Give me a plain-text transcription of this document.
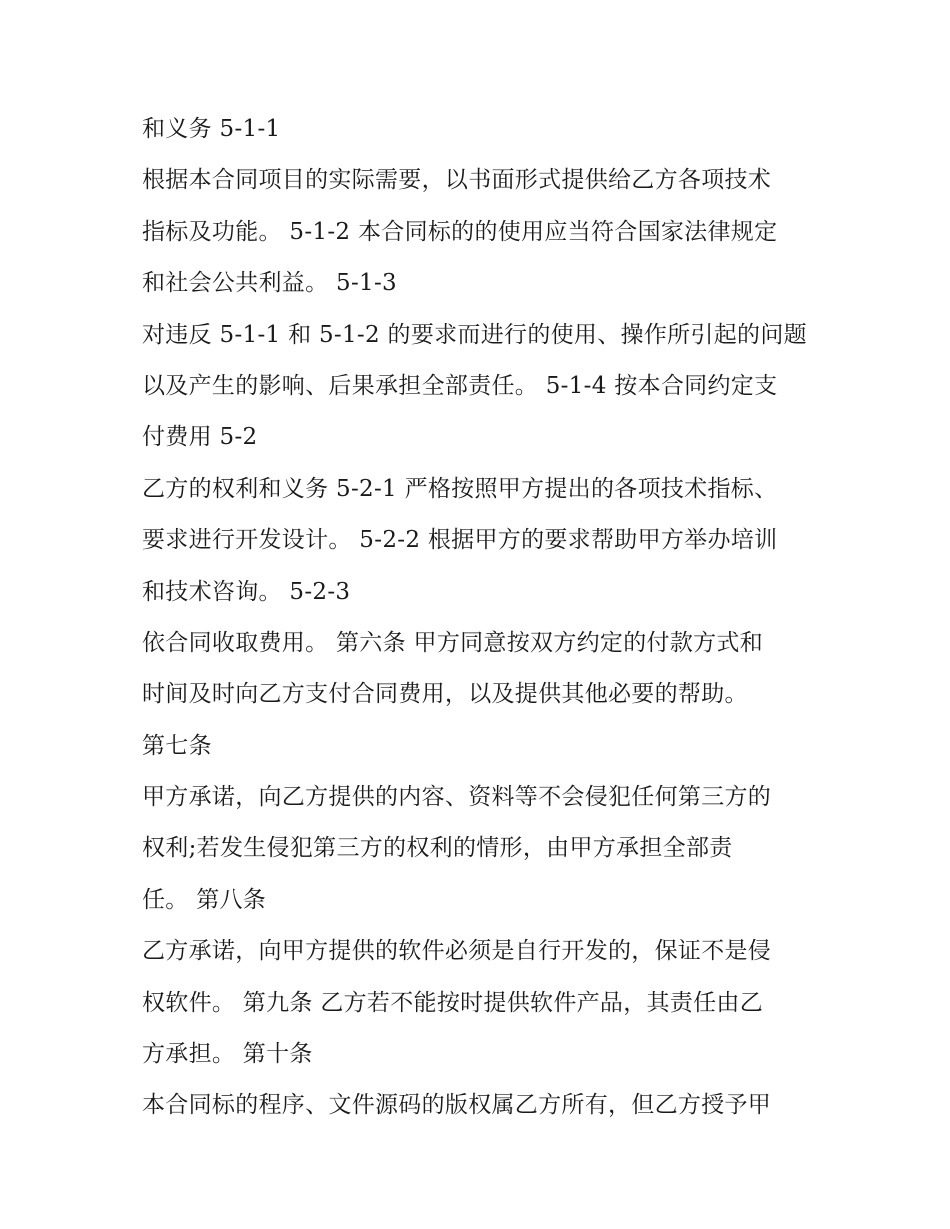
和义务 5-1-1
根据本合同项目的实际需要，以书面形式提供给乙方各项技术
指标及功能。 5-1-2 本合同标的的使用应当符合国家法律规定
和社会公共利益。 5-1-3
对违反 5-1-1 和 5-1-2 的要求而进行的使用、操作所引起的问题
以及产生的影响、后果承担全部责任。 5-1-4 按本合同约定支
付费用 5-2
乙方的权利和义务 5-2-1 严格按照甲方提出的各项技术指标、
要求进行开发设计。 5-2-2 根据甲方的要求帮助甲方举办培训
和技术咨询。 5-2-3
依合同收取费用。 第六条 甲方同意按双方约定的付款方式和
时间及时向乙方支付合同费用，以及提供其他必要的帮助。
第七条
甲方承诺，向乙方提供的内容、资料等不会侵犯任何第三方的
权利;若发生侵犯第三方的权利的情形，由甲方承担全部责
任。 第八条
乙方承诺，向甲方提供的软件必须是自行开发的，保证不是侵
权软件。 第九条 乙方若不能按时提供软件产品，其责任由乙
方承担。 第十条
本合同标的程序、文件源码的版权属乙方所有，但乙方授予甲
